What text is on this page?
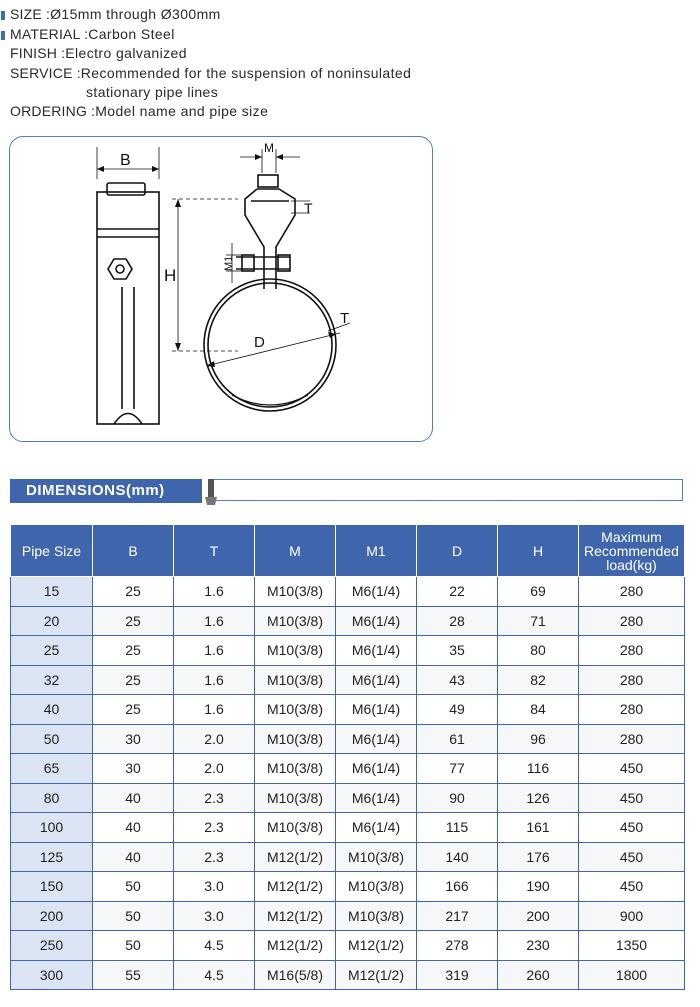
SIZE : Ø15mm through Ø300mm
MATERIAL : Carbon Steel
FINISH : Electro galvanized
SERVICE : Recommended for the suspension of noninsulated
stationary pipe lines
ORDERING : Model name and pipe size
B
H
M
T
M1
D
T
DIMENSIONS(mm)
Pipe Size	B	T	M	M1	D	H	Maximum Recommended load(kg)
15	25	1.6	M10(3/8)	M6(1/4)	22	69	280
20	25	1.6	M10(3/8)	M6(1/4)	28	71	280
25	25	1.6	M10(3/8)	M6(1/4)	35	80	280
32	25	1.6	M10(3/8)	M6(1/4)	43	82	280
40	25	1.6	M10(3/8)	M6(1/4)	49	84	280
50	30	2.0	M10(3/8)	M6(1/4)	61	96	280
65	30	2.0	M10(3/8)	M6(1/4)	77	116	450
80	40	2.3	M10(3/8)	M6(1/4)	90	126	450
100	40	2.3	M10(3/8)	M6(1/4)	115	161	450
125	40	2.3	M12(1/2)	M10(3/8)	140	176	450
150	50	3.0	M12(1/2)	M10(3/8)	166	190	450
200	50	3.0	M12(1/2)	M10(3/8)	217	200	900
250	50	4.5	M12(1/2)	M12(1/2)	278	230	1350
300	55	4.5	M16(5/8)	M12(1/2)	319	260	1800
